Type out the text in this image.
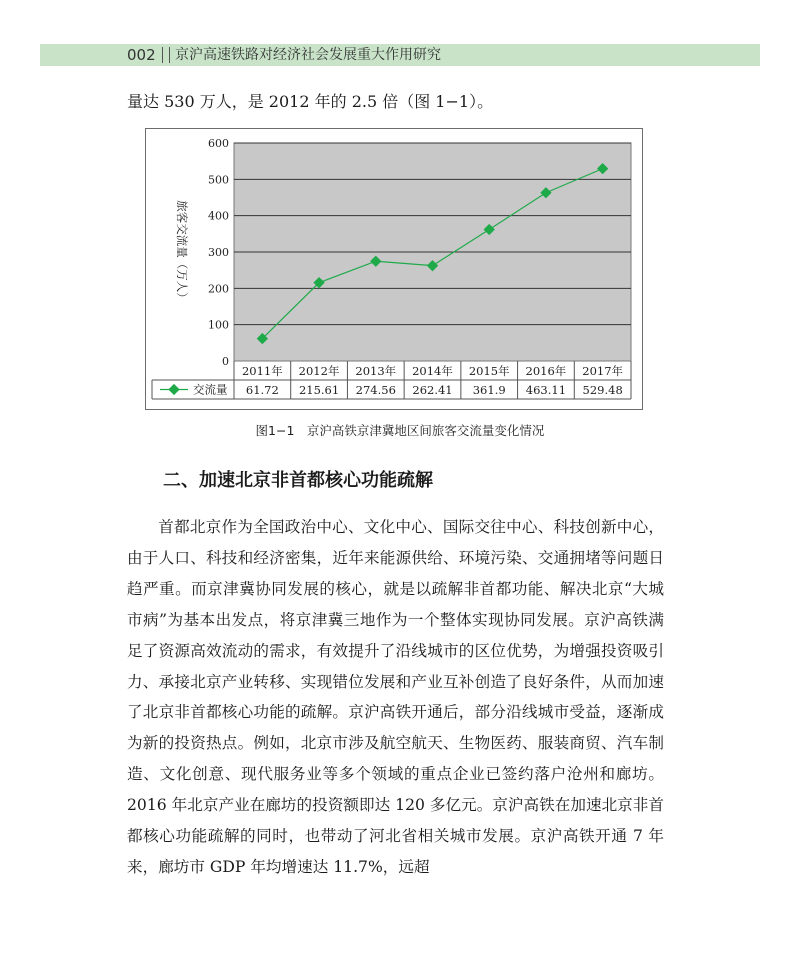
002 京沪高速铁路对经济社会发展重大作用研究
量达 530 万人，是 2012 年的 2.5 倍（图 1−1）。
0
100
200
300
400
500
600
旅客交流量（万人）
2011年 2012年 2013年 2014年 2015年 2016年 2017年
交流量 61.72 215.61 274.56 262.41 361.9 463.11 529.48
图1−1　京沪高铁京津冀地区间旅客交流量变化情况
二、加速北京非首都核心功能疏解

首都北京作为全国政治中心、文化中心、国际交往中心、科技创新中心，由于人口、科技和经济密集，近年来能源供给、环境污染、交通拥堵等问题日趋严重。而京津冀协同发展的核心，就是以疏解非首都功能、解决北京“大城市病”为基本出发点，将京津冀三地作为一个整体实现协同发展。京沪高铁满足了资源高效流动的需求，有效提升了沿线城市的区位优势，为增强投资吸引力、承接北京产业转移、实现错位发展和产业互补创造了良好条件，从而加速了北京非首都核心功能的疏解。京沪高铁开通后，部分沿线城市受益，逐渐成为新的投资热点。例如，北京市涉及航空航天、生物医药、服装商贸、汽车制造、文化创意、现代服务业等多个领域的重点企业已签约落户沧州和廊坊。2016 年北京产业在廊坊的投资额即达 120 多亿元。京沪高铁在加速北京非首都核心功能疏解的同时，也带动了河北省相关城市发展。京沪高铁开通 7 年来，廊坊市 GDP 年均增速达 11.7%，远超
